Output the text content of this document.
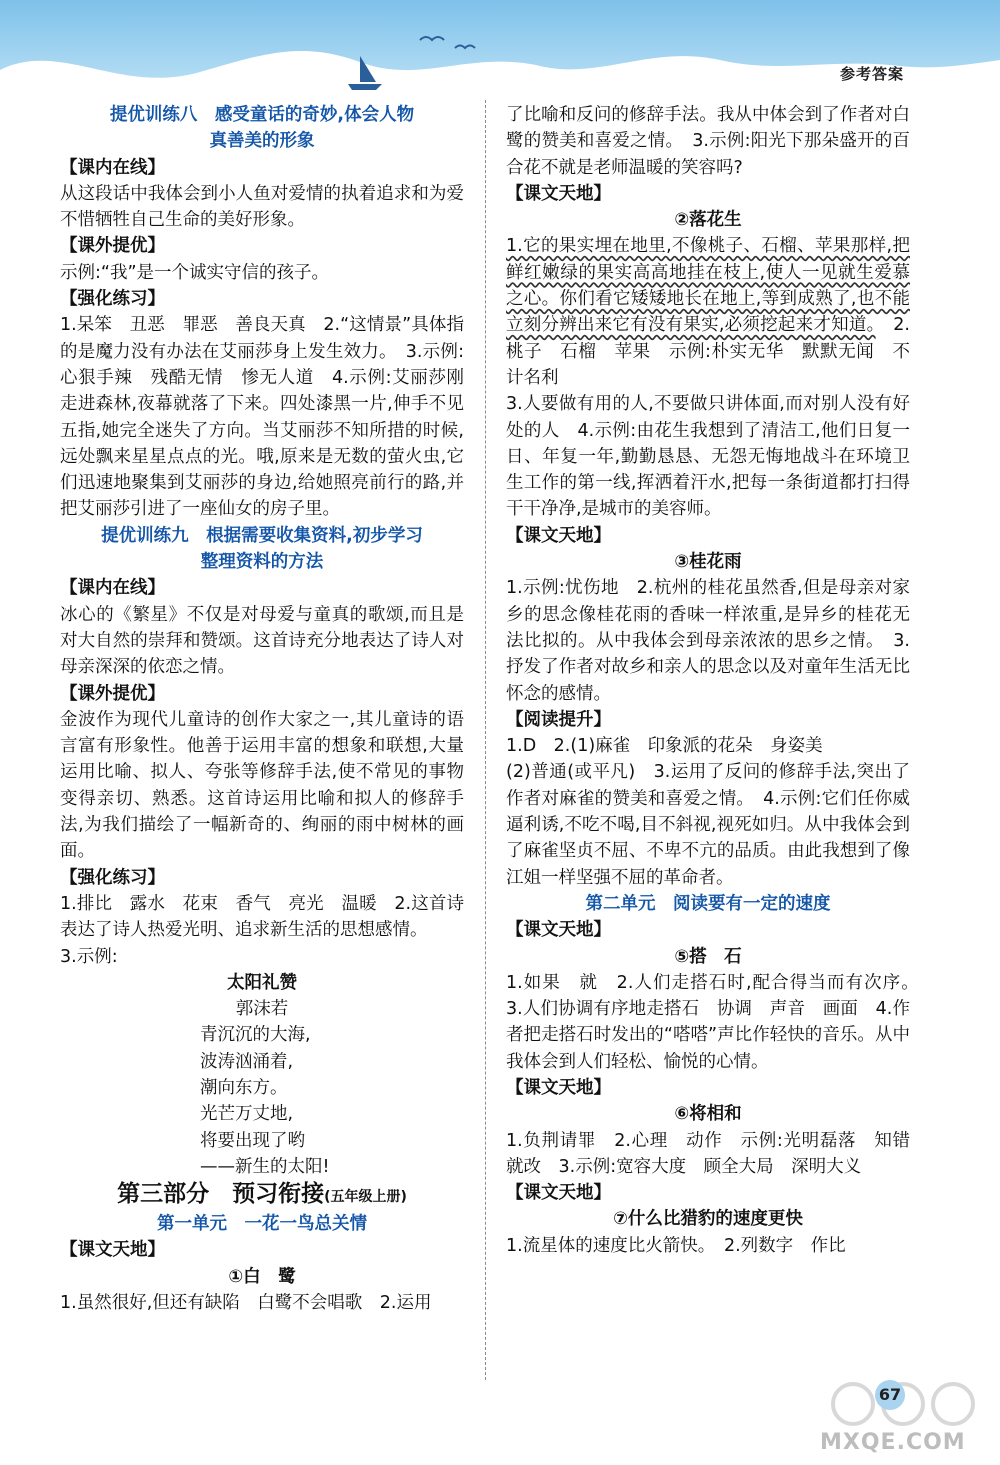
参考答案
提优训练八　感受童话的奇妙,体会人物
真善美的形象
【课内在线】
从这段话中我体会到小人鱼对爱情的执着追求和为爱不惜牺牲自己生命的美好形象。
【课外提优】
示例:“我”是一个诚实守信的孩子。
【强化练习】
1.呆笨　丑恶　罪恶　善良天真　2.“这情景”具体指的是魔力没有办法在艾丽莎身上发生效力。　3.示例:心狠手辣　残酷无情　惨无人道　4.示例:艾丽莎刚走进森林,夜幕就落了下来。四处漆黑一片,伸手不见五指,她完全迷失了方向。当艾丽莎不知所措的时候,远处飘来星星点点的光。哦,原来是无数的萤火虫,它们迅速地聚集到艾丽莎的身边,给她照亮前行的路,并把艾丽莎引进了一座仙女的房子里。
提优训练九　根据需要收集资料,初步学习
整理资料的方法
【课内在线】
冰心的《繁星》不仅是对母爱与童真的歌颂,而且是对大自然的崇拜和赞颂。这首诗充分地表达了诗人对母亲深深的依恋之情。
【课外提优】
金波作为现代儿童诗的创作大家之一,其儿童诗的语言富有形象性。他善于运用丰富的想象和联想,大量运用比喻、拟人、夸张等修辞手法,使不常见的事物变得亲切、熟悉。这首诗运用比喻和拟人的修辞手法,为我们描绘了一幅新奇的、绚丽的雨中树林的画面。
【强化练习】
1.排比　露水　花束　香气　亮光　温暖　2.这首诗表达了诗人热爱光明、追求新生活的思想感情。
3.示例:
太阳礼赞
郭沫若
青沉沉的大海,
波涛汹涌着,
潮向东方。
光芒万丈地,
将要出现了哟
——新生的太阳!
第三部分　预习衔接(五年级上册)
第一单元　一花一鸟总关情
【课文天地】
①白　鹭
1.虽然很好,但还有缺陷　白鹭不会唱歌　2.运用
了比喻和反问的修辞手法。我从中体会到了作者对白鹭的赞美和喜爱之情。　3.示例:阳光下那朵盛开的百合花不就是老师温暖的笑容吗?
【课文天地】
②落花生
1.它的果实埋在地里,不像桃子、石榴、苹果那样,把鲜红嫩绿的果实高高地挂在枝上,使人一见就生爱慕之心。你们看它矮矮地长在地上,等到成熟了,也不能立刻分辨出来它有没有果实,必须挖起来才知道。　2.桃子　石榴　苹果　示例:朴实无华　默默无闻　不计名利
3.人要做有用的人,不要做只讲体面,而对别人没有好处的人　4.示例:由花生我想到了清洁工,他们日复一日、年复一年,勤勤恳恳、无怨无悔地战斗在环境卫生工作的第一线,挥洒着汗水,把每一条街道都打扫得干干净净,是城市的美容师。
【课文天地】
③桂花雨
1.示例:忧伤地　2.杭州的桂花虽然香,但是母亲对家乡的思念像桂花雨的香味一样浓重,是异乡的桂花无法比拟的。从中我体会到母亲浓浓的思乡之情。　3.抒发了作者对故乡和亲人的思念以及对童年生活无比怀念的感情。
【阅读提升】
1.D　2.(1)麻雀　印象派的花朵　身姿美
(2)普通(或平凡)　3.运用了反问的修辞手法,突出了作者对麻雀的赞美和喜爱之情。　4.示例:它们任你威逼利诱,不吃不喝,目不斜视,视死如归。从中我体会到了麻雀坚贞不屈、不卑不亢的品质。由此我想到了像江姐一样坚强不屈的革命者。
第二单元　阅读要有一定的速度
【课文天地】
⑤搭　石
1.如果　就　2.人们走搭石时,配合得当而有次序。　3.人们协调有序地走搭石　协调　声音　画面　4.作者把走搭石时发出的“嗒嗒”声比作轻快的音乐。从中我体会到人们轻松、愉悦的心情。
【课文天地】
⑥将相和
1.负荆请罪　2.心理　动作　示例:光明磊落　知错就改　3.示例:宽容大度　顾全大局　深明大义
【课文天地】
⑦什么比猎豹的速度更快
1.流星体的速度比火箭快。　2.列数字　作比
67
MXQE.COM
